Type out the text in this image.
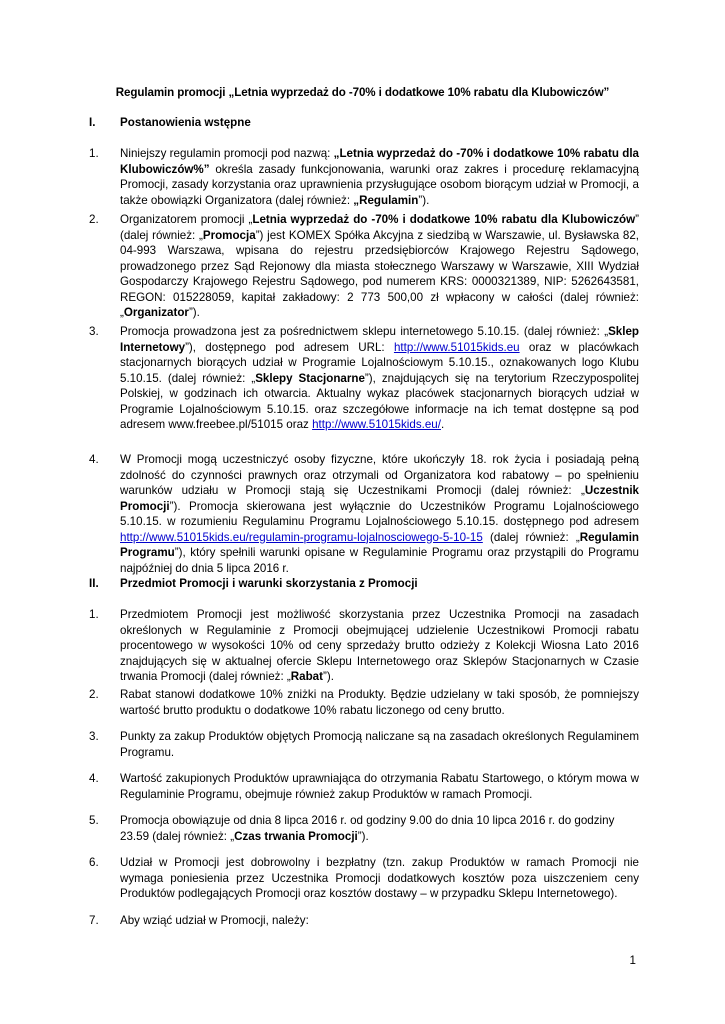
Regulamin promocji „Letnia wyprzedaż do -70% i dodatkowe 10% rabatu dla Klubowiczów”
I. Postanowienia wstępne
1. Niniejszy regulamin promocji pod nazwą: „Letnia wyprzedaż do -70% i dodatkowe 10% rabatu dla Klubowiczów%” określa zasady funkcjonowania, warunki oraz zakres i procedurę reklamacyjną Promocji, zasady korzystania oraz uprawnienia przysługujące osobom biorącym udział w Promocji, a także obowiązki Organizatora (dalej również: „Regulamin”).
2. Organizatorem promocji „Letnia wyprzedaż do -70% i dodatkowe 10% rabatu dla Klubowiczów” (dalej również: „Promocja”) jest KOMEX Spółka Akcyjna z siedzibą w Warszawie, ul. Bysławska 82, 04-993 Warszawa, wpisana do rejestru przedsiębiorców Krajowego Rejestru Sądowego, prowadzonego przez Sąd Rejonowy dla miasta stołecznego Warszawy w Warszawie, XIII Wydział Gospodarczy Krajowego Rejestru Sądowego, pod numerem KRS: 0000321389, NIP: 5262643581, REGON: 015228059, kapitał zakładowy: 2 773 500,00 zł wpłacony w całości (dalej również: „Organizator”).
3. Promocja prowadzona jest za pośrednictwem sklepu internetowego 5.10.15. (dalej również: „Sklep Internetowy”), dostępnego pod adresem URL: http://www.51015kids.eu oraz w placówkach stacjonarnych biorących udział w Programie Lojalnościowym 5.10.15., oznakowanych logo Klubu 5.10.15. (dalej również: „Sklepy Stacjonarne”), znajdujących się na terytorium Rzeczypospolitej Polskiej, w godzinach ich otwarcia. Aktualny wykaz placówek stacjonarnych biorących udział w Programie Lojalnościowym 5.10.15. oraz szczegółowe informacje na ich temat dostępne są pod adresem www.freebee.pl/51015 oraz http://www.51015kids.eu/.
4. W Promocji mogą uczestniczyć osoby fizyczne, które ukończyły 18. rok życia i posiadają pełną zdolność do czynności prawnych oraz otrzymali od Organizatora kod rabatowy – po spełnieniu warunków udziału w Promocji stają się Uczestnikami Promocji (dalej również: „Uczestnik Promocji”). Promocja skierowana jest wyłącznie do Uczestników Programu Lojalnościowego 5.10.15. w rozumieniu Regulaminu Programu Lojalnościowego 5.10.15. dostępnego pod adresem http://www.51015kids.eu/regulamin-programu-lojalnosciowego-5-10-15 (dalej również: „Regulamin Programu”), który spełnili warunki opisane w Regulaminie Programu oraz przystąpili do Programu najpóźniej do dnia 5 lipca 2016 r.
II. Przedmiot Promocji i warunki skorzystania z Promocji
1. Przedmiotem Promocji jest możliwość skorzystania przez Uczestnika Promocji na zasadach określonych w Regulaminie z Promocji obejmującej udzielenie Uczestnikowi Promocji rabatu procentowego w wysokości 10% od ceny sprzedaży brutto odzieży z Kolekcji Wiosna Lato 2016 znajdujących się w aktualnej ofercie Sklepu Internetowego oraz Sklepów Stacjonarnych w Czasie trwania Promocji (dalej również: „Rabat”).
2. Rabat stanowi dodatkowe 10% zniżki na Produkty. Będzie udzielany w taki sposób, że pomniejszy wartość brutto produktu o dodatkowe 10% rabatu liczonego od ceny brutto.
3. Punkty za zakup Produktów objętych Promocją naliczane są na zasadach określonych Regulaminem Programu.
4. Wartość zakupionych Produktów uprawniająca do otrzymania Rabatu Startowego, o którym mowa w Regulaminie Programu, obejmuje również zakup Produktów w ramach Promocji.
5. Promocja obowiązuje od dnia 8 lipca 2016 r. od godziny 9.00 do dnia 10 lipca 2016 r. do godziny 23.59 (dalej również: „Czas trwania Promocji”).
6. Udział w Promocji jest dobrowolny i bezpłatny (tzn. zakup Produktów w ramach Promocji nie wymaga poniesienia przez Uczestnika Promocji dodatkowych kosztów poza uiszczeniem ceny Produktów podlegających Promocji oraz kosztów dostawy – w przypadku Sklepu Internetowego).
7. Aby wziąć udział w Promocji, należy:
1
